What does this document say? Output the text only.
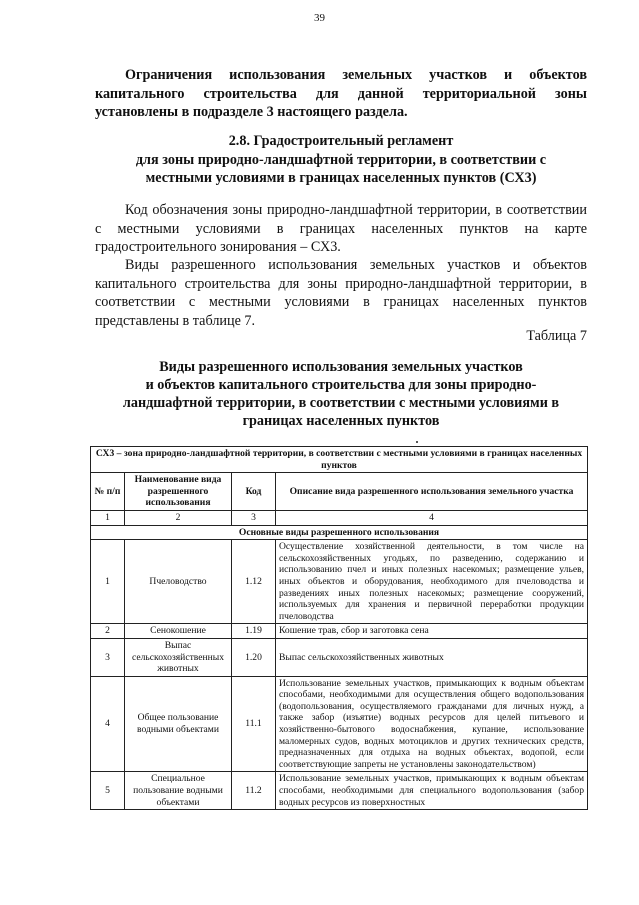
39

Ограничения использования земельных участков и объектов капитального строительства для данной территориальной зоны установлены в подразделе 3 настоящего раздела.

2.8. Градостроительный регламент
для зоны природно-ландшафтной территории, в соответствии с
местными условиями в границах населенных пунктов (СХ3)

Код обозначения зоны природно-ландшафтной территории, в соответствии с местными условиями в границах населенных пунктов на карте градостроительного зонирования – СХ3.

Виды разрешенного использования земельных участков и объектов капитального строительства для зоны природно-ландшафтной территории, в соответствии с местными условиями в границах населенных пунктов представлены в таблице 7.

Таблица 7

Виды разрешенного использования земельных участков
и объектов капитального строительства для зоны природно-
ландшафтной территории, в соответствии с местными условиями в
границах населенных пунктов
СХ3 – зона природно-ландшафтной территории, в соответствии с местными условиями в границах населенных пунктов			
№ п/п	Наименование вида разрешенного использования	Код	Описание вида разрешенного использования земельного участка
1	2	3	4
Основные виды разрешенного использования			
1	Пчеловодство	1.12	Осуществление хозяйственной деятельности, в том числе на сельскохозяйственных угодьях, по разведению, содержанию и использованию пчел и иных полезных насекомых; размещение ульев, иных объектов и оборудования, необходимого для пчеловодства и разведениях иных полезных насекомых; размещение сооружений, используемых для хранения и первичной переработки продукции пчеловодства
2	Сенокошение	1.19	Кошение трав, сбор и заготовка сена
3	Выпас сельскохозяйственных животных	1.20	Выпас сельскохозяйственных животных
4	Общее пользование водными объектами	11.1	Использование земельных участков, примыкающих к водным объектам способами, необходимыми для осуществления общего водопользования (водопользования, осуществляемого гражданами для личных нужд, а также забор (изъятие) водных ресурсов для целей питьевого и хозяйственно-бытового водоснабжения, купание, использование маломерных судов, водных мотоциклов и других технических средств, предназначенных для отдыха на водных объектах, водопой, если соответствующие запреты не установлены законодательством)
5	Специальное пользование водными объектами	11.2	Использование земельных участков, примыкающих к водным объектам способами, необходимыми для специального водопользования (забор водных ресурсов из поверхностных
